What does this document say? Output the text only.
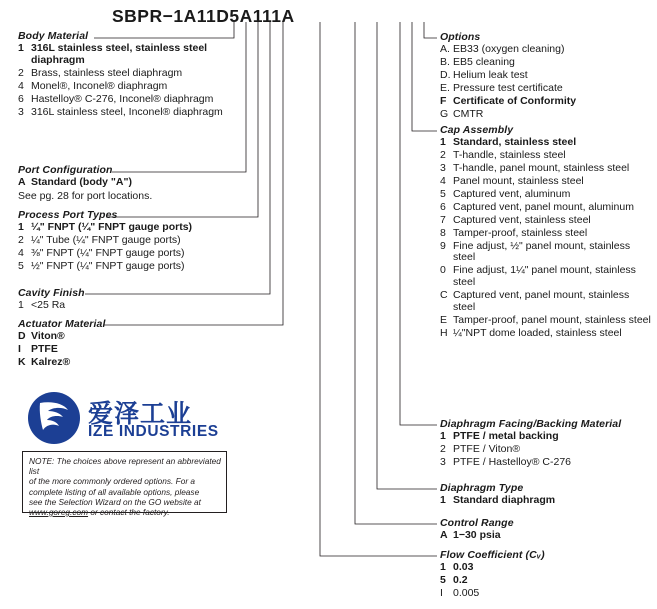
SBPR−1A11D5A111A
Body Material
1 316L stainless steel, stainless steel diaphragm
2 Brass, stainless steel diaphragm
4 Monel®, Inconel® diaphragm
6 Hastelloy® C-276, Inconel® diaphragm
3 316L stainless steel, Inconel® diaphragm
Port Configuration
A Standard (body "A")
See pg. 28 for port locations.
Process Port Types
1 ¼" FNPT (¼" FNPT gauge ports)
2 ¼" Tube (¼" FNPT gauge ports)
4 ⅜" FNPT (¼" FNPT gauge ports)
5 ½" FNPT (¼" FNPT gauge ports)
Cavity Finish
1 <25 Ra
Actuator Material
D Viton®
I PTFE
K Kalrez®
Options
A. EB33 (oxygen cleaning)
B. EB5 cleaning
D. Helium leak test
E. Pressure test certificate
F Certificate of Conformity
G CMTR
Cap Assembly
1 Standard, stainless steel
2 T-handle, stainless steel
3 T-handle, panel mount, stainless steel
4 Panel mount, stainless steel
5 Captured vent, aluminum
6 Captured vent, panel mount, aluminum
7 Captured vent, stainless steel
8 Tamper-proof, stainless steel
9 Fine adjust, ½" panel mount, stainless steel
0 Fine adjust, 1¼" panel mount, stainless steel
C Captured vent, panel mount, stainless steel
E Tamper-proof, panel mount, stainless steel
H ¼"NPT dome loaded, stainless steel
Diaphragm Facing/Backing Material
1 PTFE / metal backing
2 PTFE / Viton®
3 PTFE / Hastelloy® C-276
Diaphragm Type
1 Standard diaphragm
Control Range
A 1−30 psia
Flow Coefficient (Cᵥ)
1 0.03
5 0.2
I 0.005
NOTE: The choices above represent an abbreviated list
of the more commonly ordered options. For a
complete listing of all available options, please
see the Selection Wizard on the GO website at
www.goreg.com or contact the factory.
爱泽工业
IZE INDUSTRIES
